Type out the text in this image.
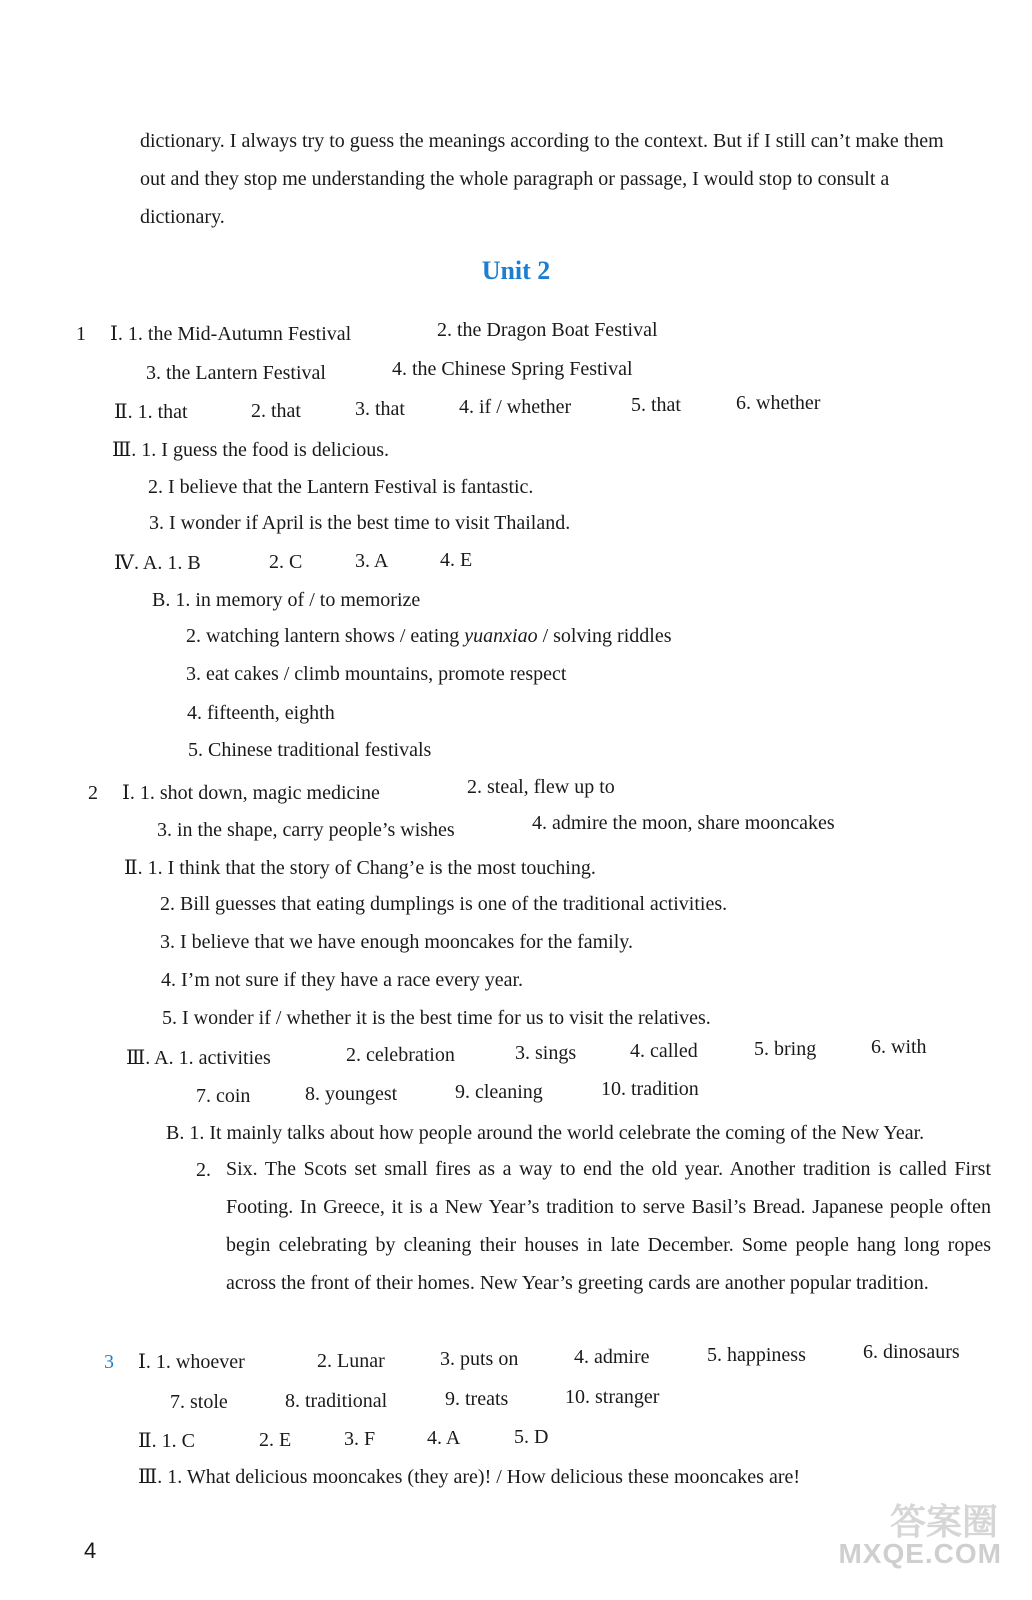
dictionary. I always try to guess the meanings according to the context. But if I still can’t make them out and they stop me understanding the whole paragraph or passage, I would stop to consult a dictionary.
Unit 2
1 Ⅰ. 1. the Mid-Autumn Festival	2. the Dragon Boat Festival
3. the Lantern Festival	4. the Chinese Spring Festival
Ⅱ. 1. that	2. that	3. that	4. if / whether	5. that	6. whether
Ⅲ. 1. I guess the food is delicious.
2. I believe that the Lantern Festival is fantastic.
3. I wonder if April is the best time to visit Thailand.
Ⅳ. A. 1. B	2. C	3. A	4. E
B. 1. in memory of / to memorize
2. watching lantern shows / eating yuanxiao / solving riddles
3. eat cakes / climb mountains, promote respect
4. fifteenth, eighth
5. Chinese traditional festivals
2 Ⅰ. 1. shot down, magic medicine	2. steal, flew up to
3. in the shape, carry people’s wishes	4. admire the moon, share mooncakes
Ⅱ. 1. I think that the story of Chang’e is the most touching.
2. Bill guesses that eating dumplings is one of the traditional activities.
3. I believe that we have enough mooncakes for the family.
4. I’m not sure if they have a race every year.
5. I wonder if / whether it is the best time for us to visit the relatives.
Ⅲ. A. 1. activities	2. celebration	3. sings	4. called	5. bring	6. with
7. coin	8. youngest	9. cleaning	10. tradition
B. 1. It mainly talks about how people around the world celebrate the coming of the New Year.
2.
3 Ⅰ. 1. whoever	2. Lunar	3. puts on	4. admire	5. happiness	6. dinosaurs
7. stole	8. traditional	9. treats	10. stranger
Ⅱ. 1. C	2. E	3. F	4. A	5. D
Ⅲ. 1. What delicious mooncakes (they are)! / How delicious these mooncakes are!
Six. The Scots set small fires as a way to end the old year. Another tradition is called First Footing. In Greece, it is a New Year’s tradition to serve Basil’s Bread. Japanese people often begin celebrating by cleaning their houses in late December. Some people hang long ropes across the front of their homes. New Year’s greeting cards are another popular tradition.
4
答案圈
MXQE.COM
